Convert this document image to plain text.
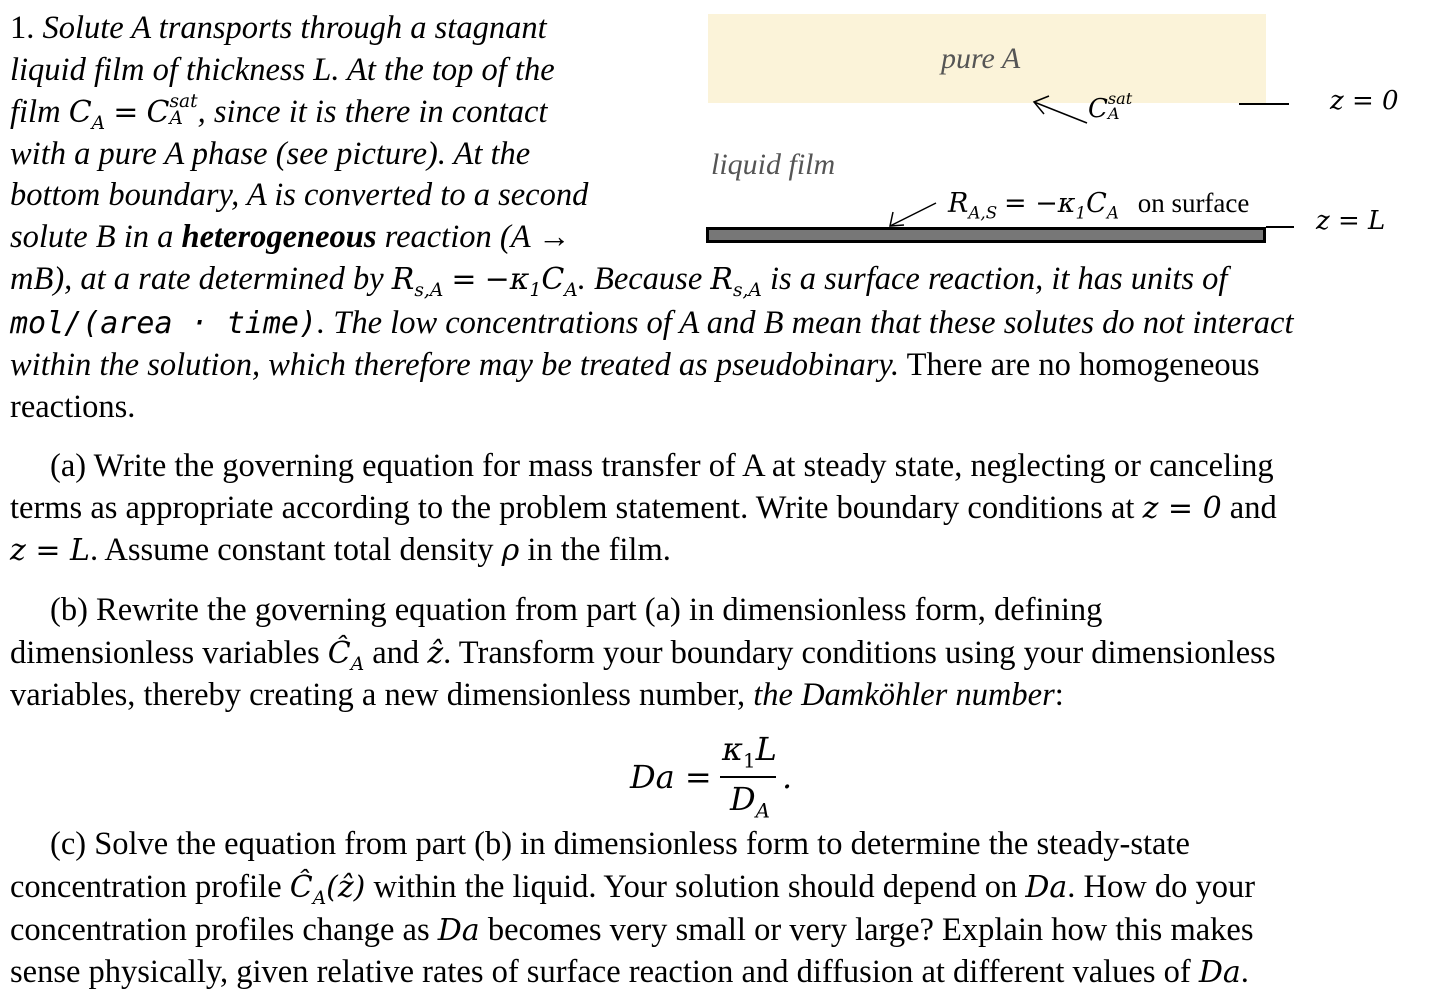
1. Solute A transports through a stagnant
liquid film of thickness L. At the top of the
film $C_A = C$ sat
A , since it is there in contact
with a pure A phase (see picture). At the
bottom boundary, A is converted to a second
solute B in a heterogeneous reaction (A →
mB), at a rate determined by $R_{s,A} = -\kappa_1C_A$. Because $R_{s,A}$ is a surface reaction, it has units of
mol/(area · time). The low concentrations of A and B mean that these solutes do not interact
within the solution, which therefore may be treated as pseudobinary. There are no homogeneous
reactions.
(a) Write the governing equation for mass transfer of A at steady state, neglecting or canceling
terms as appropriate according to the problem statement. Write boundary conditions at z = 0 and
z = L. Assume constant total density ρ in the film.
(b) Rewrite the governing equation from part (a) in dimensionless form, defining
dimensionless variables $Ĉ_A$ and ẑ. Transform your boundary conditions using your dimensionless
variables, thereby creating a new dimensionless number, the Damköhler number:
(c) Solve the equation from part (b) in dimensionless form to determine the steady-state
concentration profile $Ĉ_A(ẑ)$ within the liquid. Your solution should depend on Da. How do your
concentration profiles change as Da becomes very small or very large? Explain how this makes
sense physically, given relative rates of surface reaction and diffusion at different values of Da.
pure A
C sat
A	z = 0
liquid film
$R_{A,S} = -\kappa_1C_A$ on surface
z = L
Da =
$\kappa_1L$
$D_A$
.
